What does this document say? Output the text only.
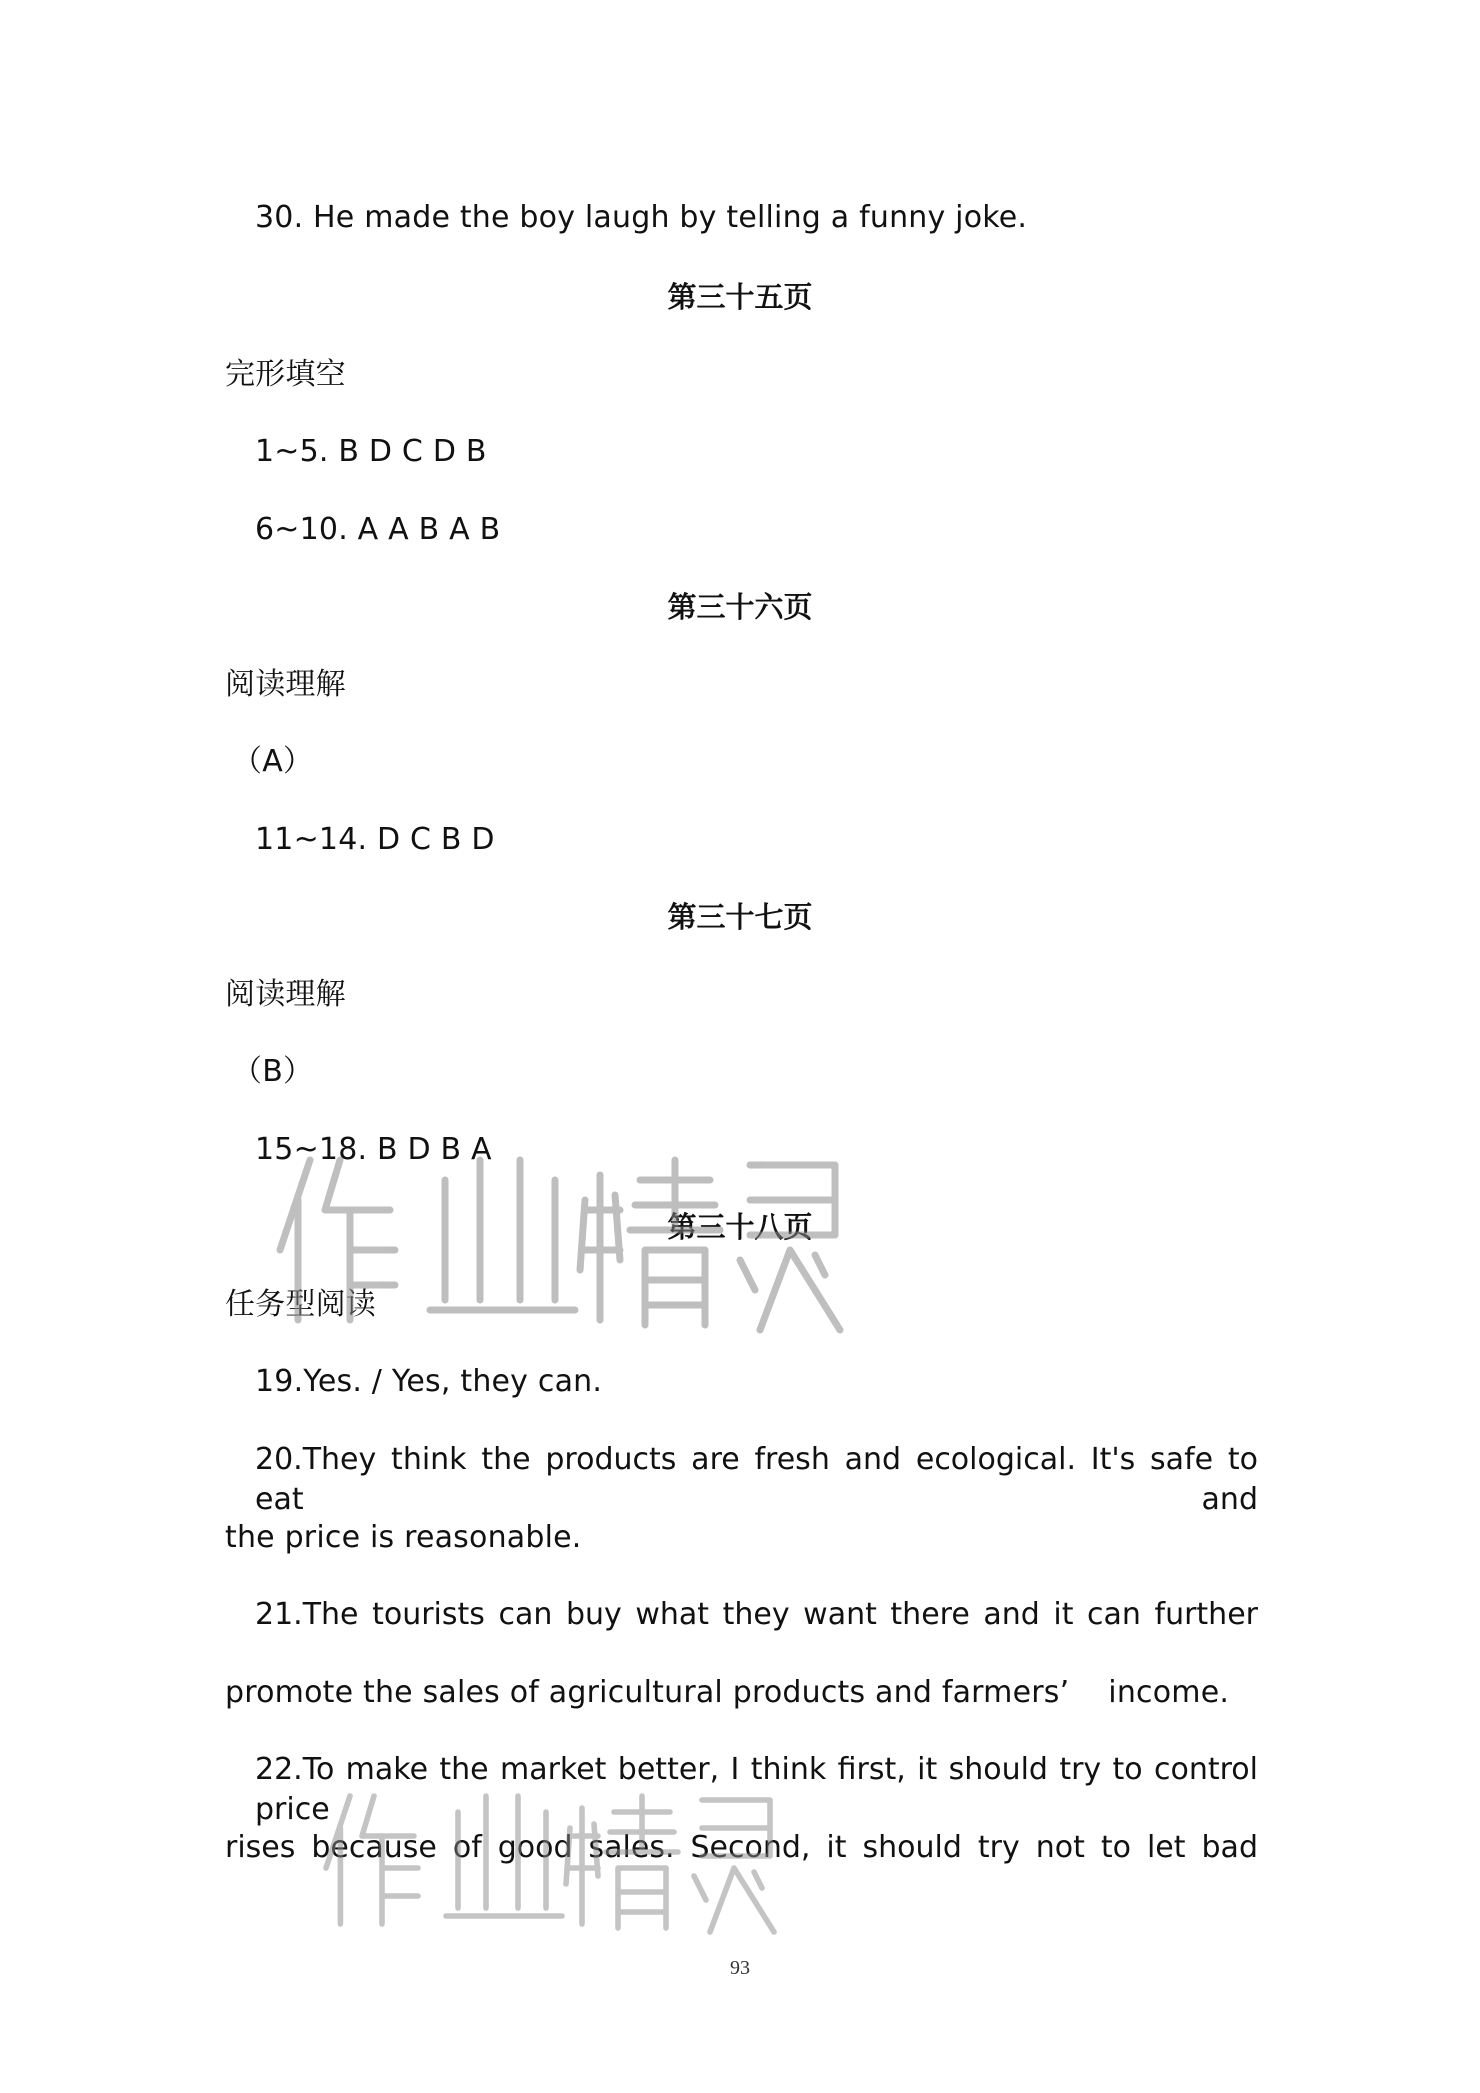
30. He made the boy laugh by telling a funny joke.
第三十五页
完形填空
1~5. B D C D B
6~10. A A B A B
第三十六页
阅读理解
（A）
11~14. D C B D
第三十七页
阅读理解
（B）
15~18. B D B A
第三十八页
任务型阅读
19.Yes. / Yes, they can.
20.They think the products are fresh and ecological. It's safe to eat and
the price is reasonable.
21.The tourists can buy what they want there and it can further
promote the sales of agricultural products and farmers’    income.
22.To make the market better, I think first, it should try to control price
rises because of good sales. Second, it should try not to let bad
93
